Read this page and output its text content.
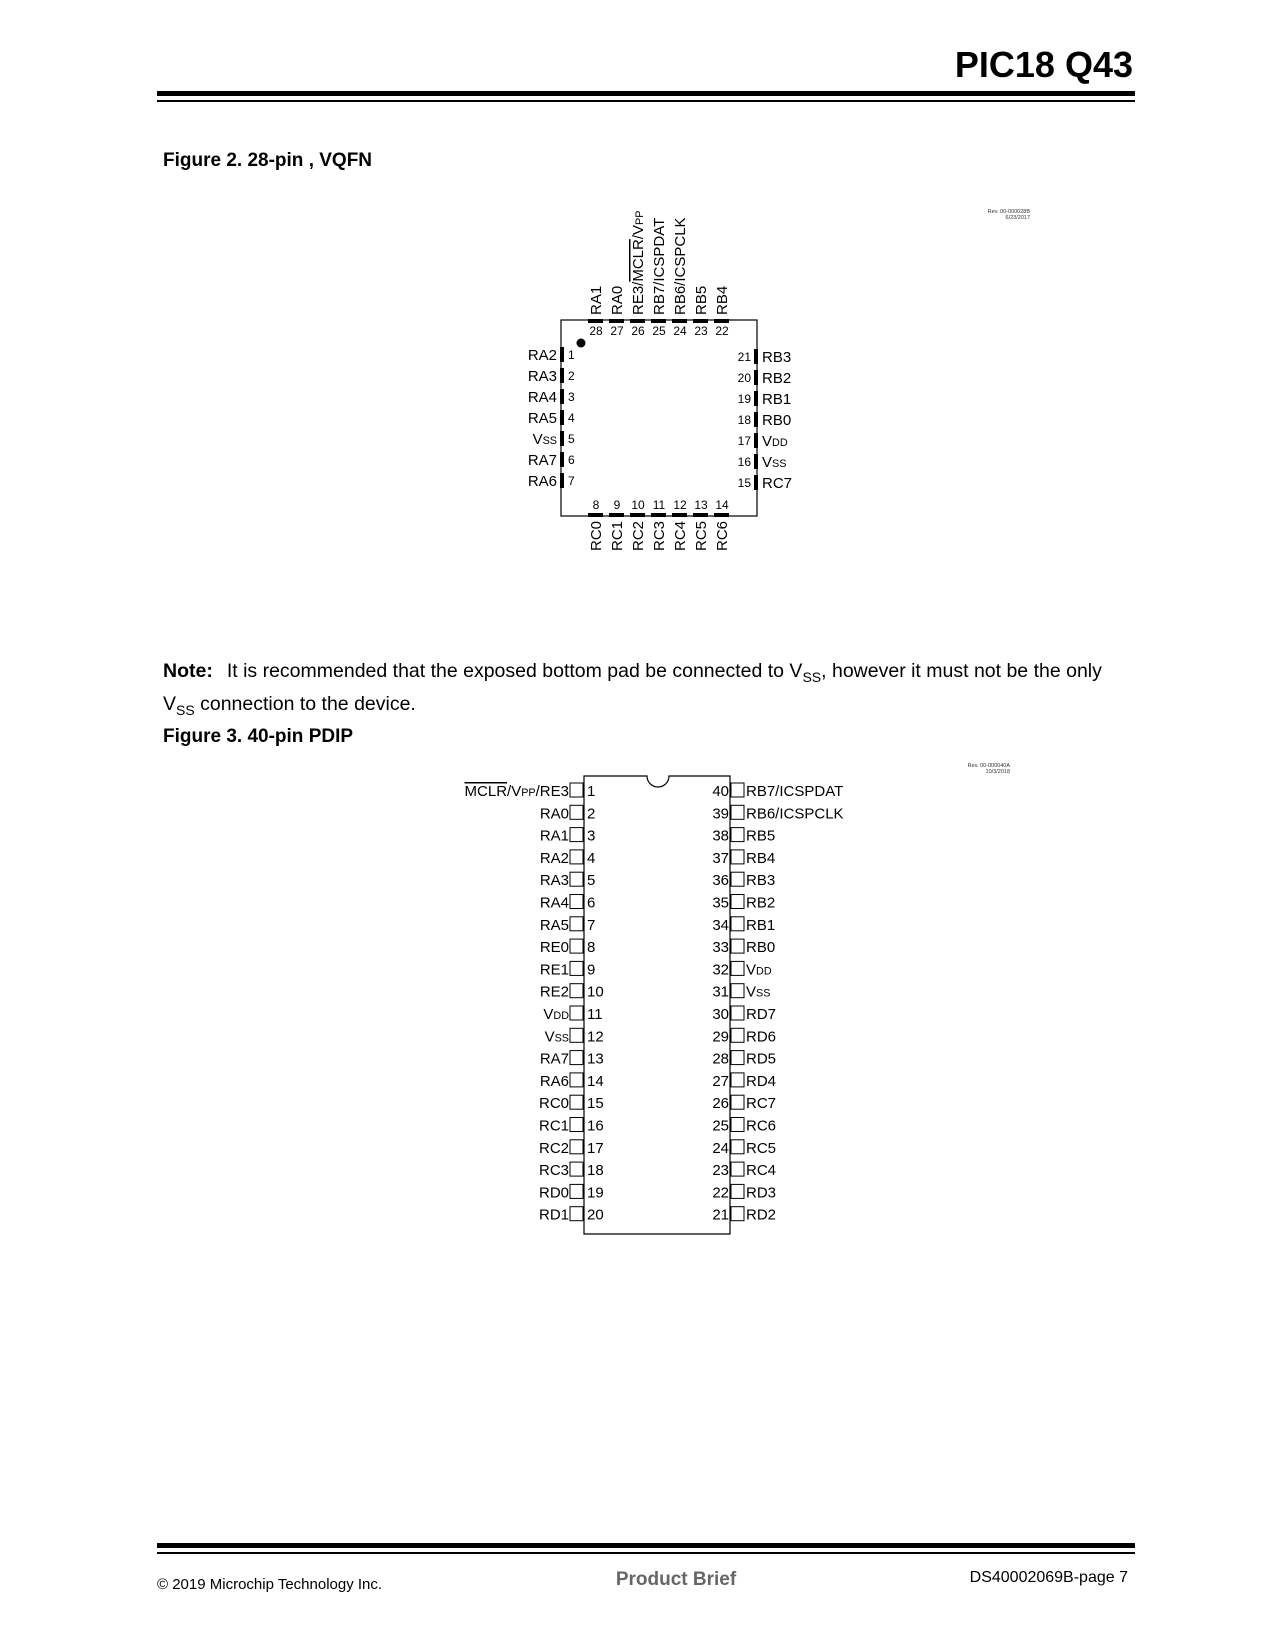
PIC18 Q43
Figure 2. 28-pin , VQFN
Rev. 00-000028B
6/23/2017
1
RA2
2
RA3
3
RA4
4
RA5
5
VSS
6
RA7
7
RA6
21 RB3
20 RB2
19 RB1
18 RB0
17 VDD
16 VSS
15 RC7
28
RA1
27
RA0
26
RE3/MCLR/VPP
25
RB7/ICSPDAT
24
RB6/ICSPCLK
23
RB5
22
RB4
8
RC0
9
RC1
10
RC2
11
RC3
12
RC4
13
RC5
14
RC6
Note: It is recommended that the exposed bottom pad be connected to $V_{SS}$, however it must not be the only $V_{SS}$ connection to the device.
Figure 3. 40-pin PDIP
Rev. 00-000040A
10/3/2018
1
MCLR/VPP/RE3
2
RA0
3
RA1
4
RA2
5
RA3
6
RA4
7
RA5
8
RE0
9
RE1
10
RE2
11
VDD
12
VSS
13
RA7
14
RA6
15
RC0
16
RC1
17
RC2
18
RC3
19
RD0
20
RD1
40 RB7/ICSPDAT
39 RB6/ICSPCLK
38 RB5
37 RB4
36 RB3
35 RB2
34 RB1
33 RB0
32 VDD
31 VSS
30 RD7
29 RD6
28 RD5
27 RD4
26 RC7
25 RC6
24 RC5
23 RC4
22 RD3
21 RD2
© 2019 Microchip Technology Inc.	Product Brief	DS40002069B-page 7
